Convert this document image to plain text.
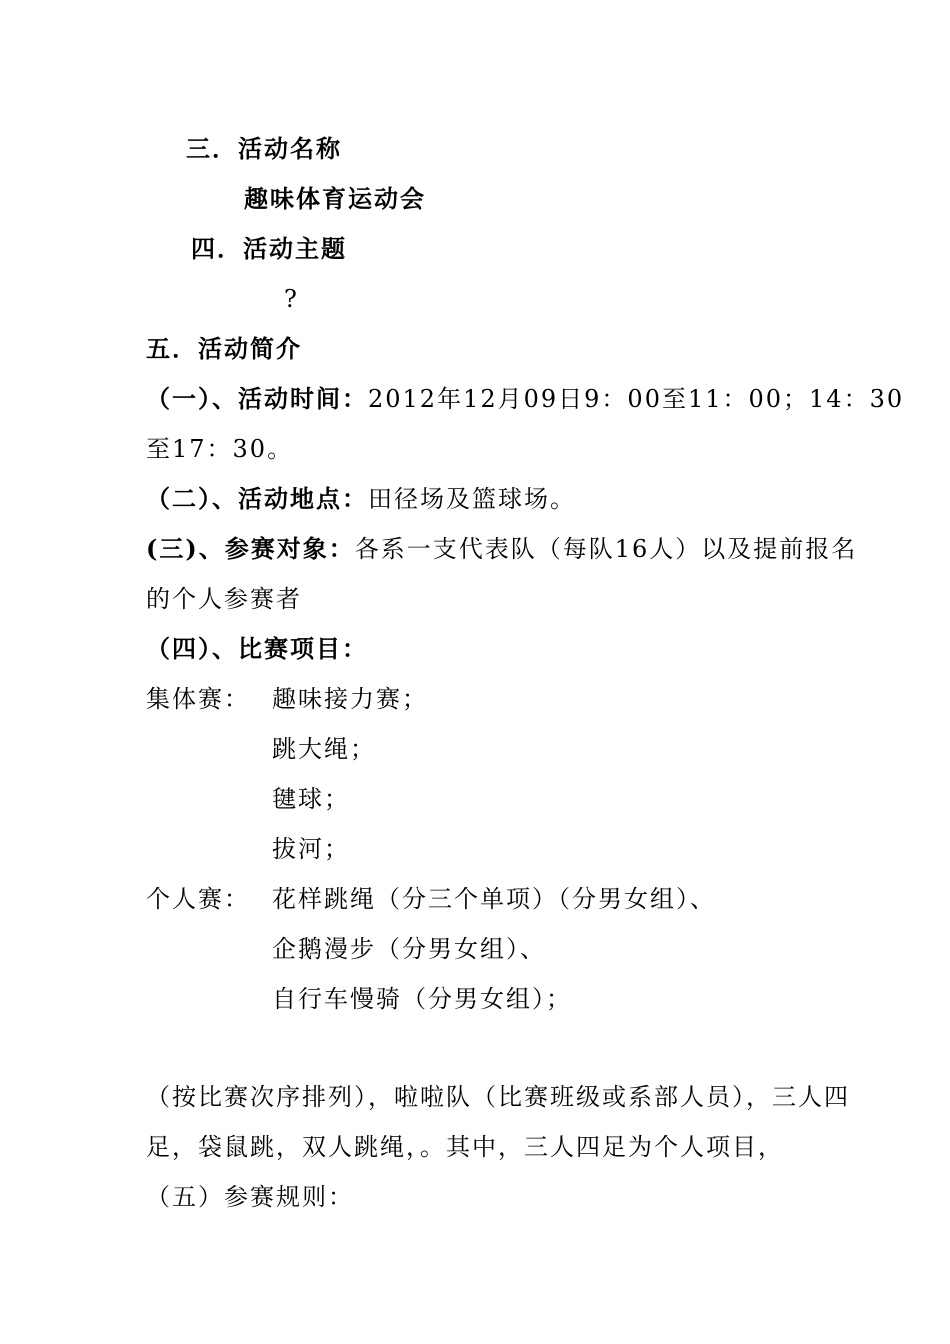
三．活动名称
趣味体育运动会
四．活动主题
?
五．活动简介
（一）、活动时间：2012年12月09日9：00至11：00；14：30
至17：30。
（二）、活动地点：田径场及篮球场。
(三)、参赛对象：各系一支代表队（每队16人）以及提前报名
的个人参赛者
（四）、比赛项目：
集体赛： 趣味接力赛；
跳大绳；
毽球；
拔河；
个人赛： 花样跳绳（分三个单项）（分男女组）、
企鹅漫步（分男女组）、
自行车慢骑（分男女组）；
（按比赛次序排列），啦啦队（比赛班级或系部人员），三人四
足，袋鼠跳，双人跳绳，。其中，三人四足为个人项目，
（五）参赛规则：
